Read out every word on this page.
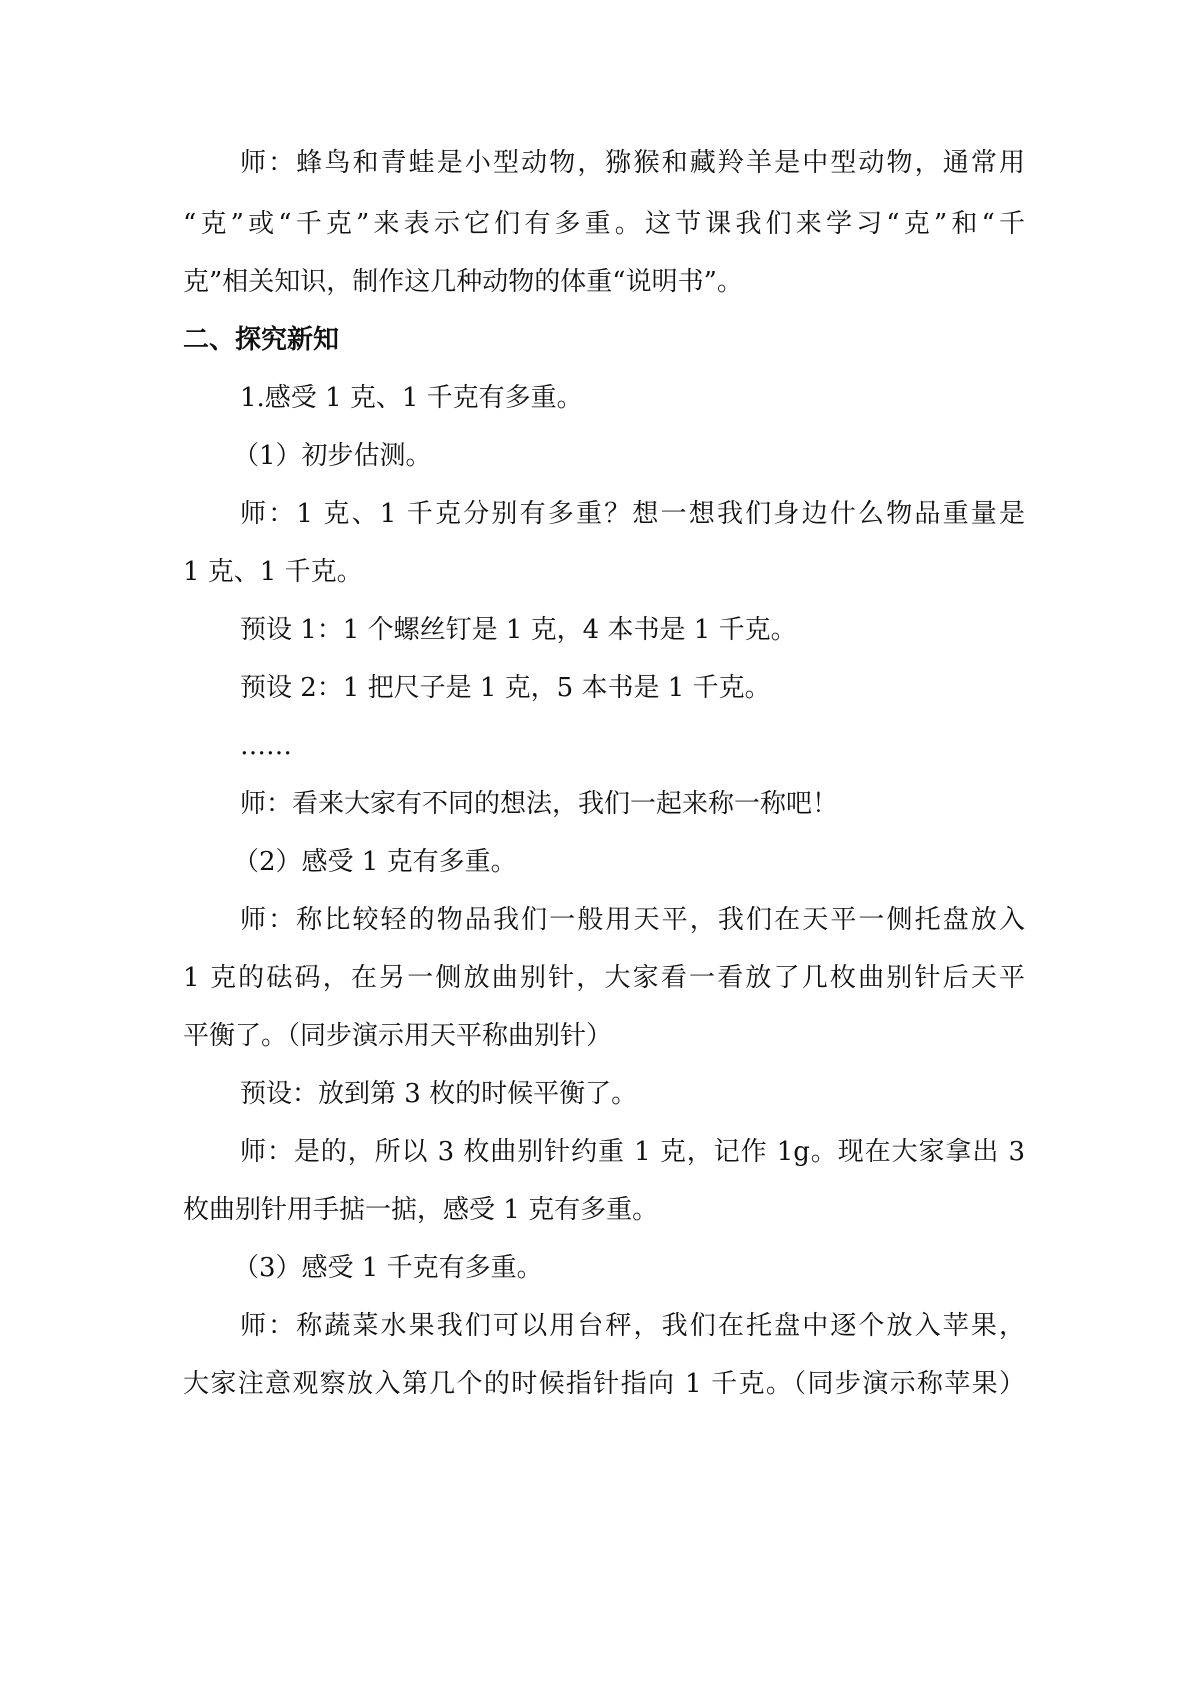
师：蜂鸟和青蛙是小型动物，猕猴和藏羚羊是中型动物，通常用
“克”或“千克”来表示它们有多重。这节课我们来学习“克”和“千
克”相关知识，制作这几种动物的体重“说明书”。
二、探究新知
1.感受 1 克、1 千克有多重。
（1）初步估测。
师：1 克、1 千克分别有多重？想一想我们身边什么物品重量是
1 克、1 千克。
预设 1：1 个螺丝钉是 1 克，4 本书是 1 千克。
预设 2：1 把尺子是 1 克，5 本书是 1 千克。
……
师：看来大家有不同的想法，我们一起来称一称吧！
（2）感受 1 克有多重。
师：称比较轻的物品我们一般用天平，我们在天平一侧托盘放入
1 克的砝码，在另一侧放曲别针，大家看一看放了几枚曲别针后天平
平衡了。（同步演示用天平称曲别针）
预设：放到第 3 枚的时候平衡了。
师：是的，所以 3 枚曲别针约重 1 克，记作 1g。现在大家拿出 3
枚曲别针用手掂一掂，感受 1 克有多重。
（3）感受 1 千克有多重。
师：称蔬菜水果我们可以用台秤，我们在托盘中逐个放入苹果，
大家注意观察放入第几个的时候指针指向 1 千克。（同步演示称苹果）
